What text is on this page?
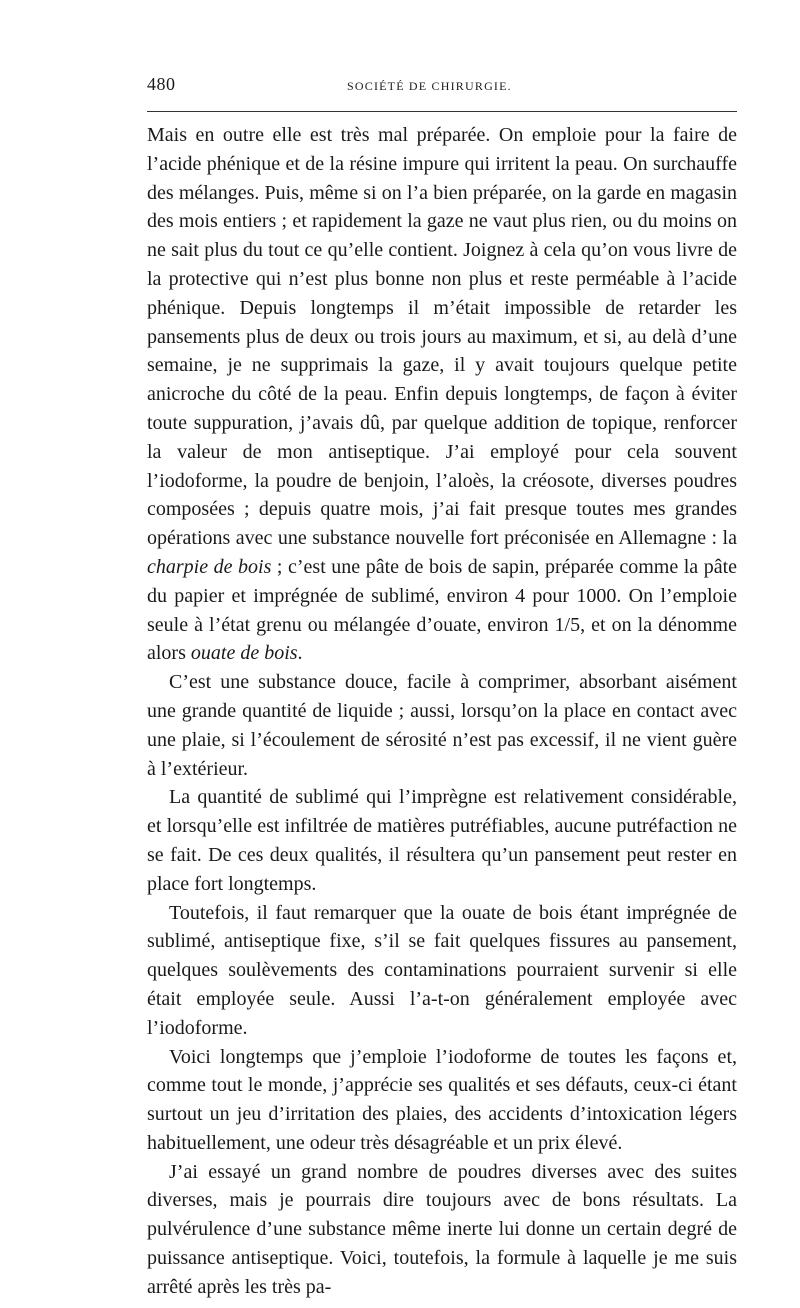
480	SOCIÉTÉ DE CHIRURGIE.

Mais en outre elle est très mal préparée. On emploie pour la faire de l’acide phénique et de la résine impure qui irritent la peau. On surchauffe des mélanges. Puis, même si on l’a bien préparée, on la garde en magasin des mois entiers ; et rapidement la gaze ne vaut plus rien, ou du moins on ne sait plus du tout ce qu’elle contient. Joignez à cela qu’on vous livre de la protective qui n’est plus bonne non plus et reste perméable à l’acide phénique. Depuis longtemps il m’était impossible de retarder les pansements plus de deux ou trois jours au maximum, et si, au delà d’une semaine, je ne supprimais la gaze, il y avait toujours quelque petite anicroche du côté de la peau. Enfin depuis longtemps, de façon à éviter toute suppuration, j’avais dû, par quelque addition de topique, renforcer la valeur de mon antiseptique. J’ai employé pour cela souvent l’iodoforme, la poudre de benjoin, l’aloès, la créosote, diverses poudres composées ; depuis quatre mois, j’ai fait presque toutes mes grandes opérations avec une substance nouvelle fort préconisée en Allemagne : la charpie de bois ; c’est une pâte de bois de sapin, préparée comme la pâte du papier et imprégnée de sublimé, environ 4 pour 1000. On l’emploie seule à l’état grenu ou mélangée d’ouate, environ 1/5, et on la dénomme alors ouate de bois.

C’est une substance douce, facile à comprimer, absorbant aisément une grande quantité de liquide ; aussi, lorsqu’on la place en contact avec une plaie, si l’écoulement de sérosité n’est pas excessif, il ne vient guère à l’extérieur.

La quantité de sublimé qui l’imprègne est relativement considérable, et lorsqu’elle est infiltrée de matières putréfiables, aucune putréfaction ne se fait. De ces deux qualités, il résultera qu’un pansement peut rester en place fort longtemps.

Toutefois, il faut remarquer que la ouate de bois étant imprégnée de sublimé, antiseptique fixe, s’il se fait quelques fissures au pansement, quelques soulèvements des contaminations pourraient survenir si elle était employée seule. Aussi l’a-t-on généralement employée avec l’iodoforme.

Voici longtemps que j’emploie l’iodoforme de toutes les façons et, comme tout le monde, j’apprécie ses qualités et ses défauts, ceux-ci étant surtout un jeu d’irritation des plaies, des accidents d’intoxication légers habituellement, une odeur très désagréable et un prix élevé.

J’ai essayé un grand nombre de poudres diverses avec des suites diverses, mais je pourrais dire toujours avec de bons résultats. La pulvérulence d’une substance même inerte lui donne un certain degré de puissance antiseptique. Voici, toutefois, la formule à laquelle je me suis arrêté après les très pa-
